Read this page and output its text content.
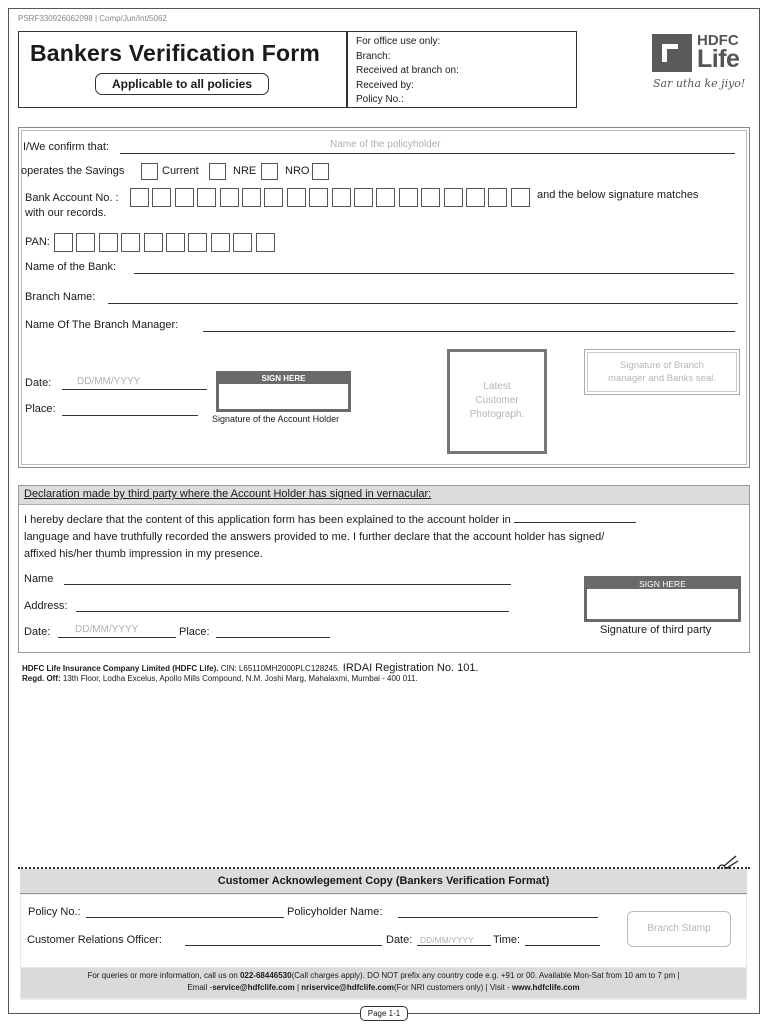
PSRF330926062098 | Comp/Jun/Int/5062
Bankers Verification Form
Applicable to all policies
For office use only:
Branch:
Received at branch on:
Received by:
Policy No.:
HDFC
Life
Sar utha ke jiyo!
I/We confirm that:	Name of the policyholder
operates the Savings	Current	NRE	NRO
Bank Account No. :	and the below signature matches
with our records.
PAN:
Name of the Bank:
Branch Name:
Name Of The Branch Manager:
Date:	DD/MM/YYYY
Place:
SIGN HERE
Signature of the Account Holder
Latest
Customer
Photograph.
Signature of Branch
manager and Banks seal.
Declaration made by third party where the Account Holder has signed in vernacular:
I hereby declare that the content of this application form has been explained to the account holder in
language and have truthfully recorded the answers provided to me. I further declare that the account holder has signed/
affixed his/her thumb impression in my presence.
Name
Address:
Date: DD/MM/YYYY	Place:
SIGN HERE
Signature of third party
HDFC Life Insurance Company Limited (HDFC Life). CIN: L65110MH2000PLC128245. IRDAI Registration No. 101.
Regd. Off: 13th Floor, Lodha Excelus, Apollo Mills Compound, N.M. Joshi Marg, Mahalaxmi, Mumbai - 400 011.
Customer Acknowlegement Copy (Bankers Verification Format)
Policy No.:	Policyholder Name:
Customer Relations Officer:	Date: DD/MM/YYYY Time:
Branch Stamp
For queries or more information, call us on 022-68446530(Call charges apply). DO NOT prefix any country code e.g. +91 or 00. Available Mon-Sat from 10 am to 7 pm |
Email -service@hdfclife.com | nriservice@hdfclife.com(For NRI customers only) | Visit - www.hdfclife.com
Page 1-1
